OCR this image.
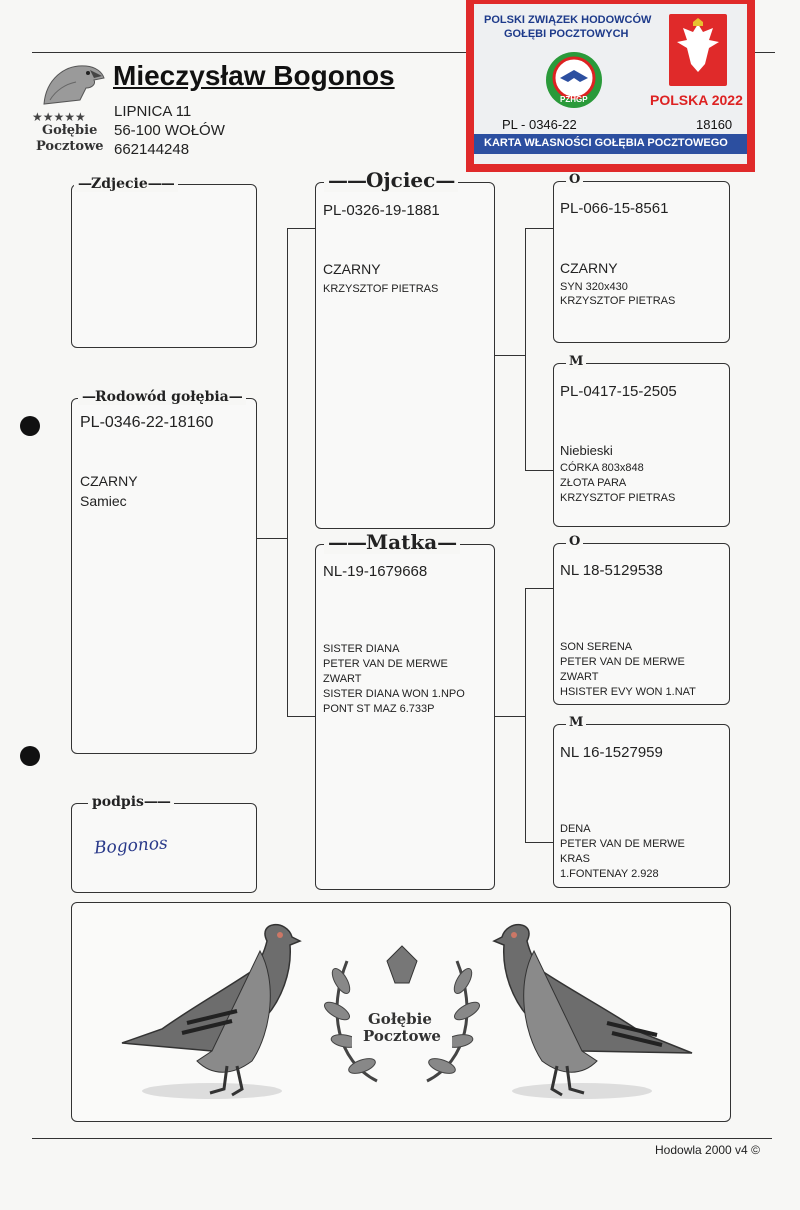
★★★★★
Gołębie
Pocztowe
Mieczysław Bogonos
LIPNICA 11
56-100 WOŁÓW
662144248
POLSKI ZWIĄZEK HODOWCÓW
GOŁĘBI POCZTOWYCH
PZHGP	POLSKA 2022
PL - 0346-22	18160
KARTA WŁASNOŚCI GOŁĘBIA POCZTOWEGO
—Zdjecie——
—Rodowód gołębia—
PL-0346-22-18160
CZARNY
Samiec
podpis——
Bogonos
——Ojciec—
PL-0326-19-1881
CZARNY
KRZYSZTOF PIETRAS
——Matka—
NL-19-1679668
SISTER DIANA
PETER VAN DE MERWE
ZWART
SISTER DIANA WON 1.NPO
PONT ST MAZ 6.733P
O
PL-066-15-8561
CZARNY
SYN 320x430
KRZYSZTOF PIETRAS
M
PL-0417-15-2505
Niebieski
CÓRKA 803x848
ZŁOTA PARA
KRZYSZTOF PIETRAS
O
NL 18-5129538
SON SERENA
PETER VAN DE MERWE
ZWART
HSISTER EVY WON 1.NAT
M
NL 16-1527959
DENA
PETER VAN DE MERWE
KRAS
1.FONTENAY 2.928
Gołębie
Pocztowe
Hodowla 2000 v4 ©
